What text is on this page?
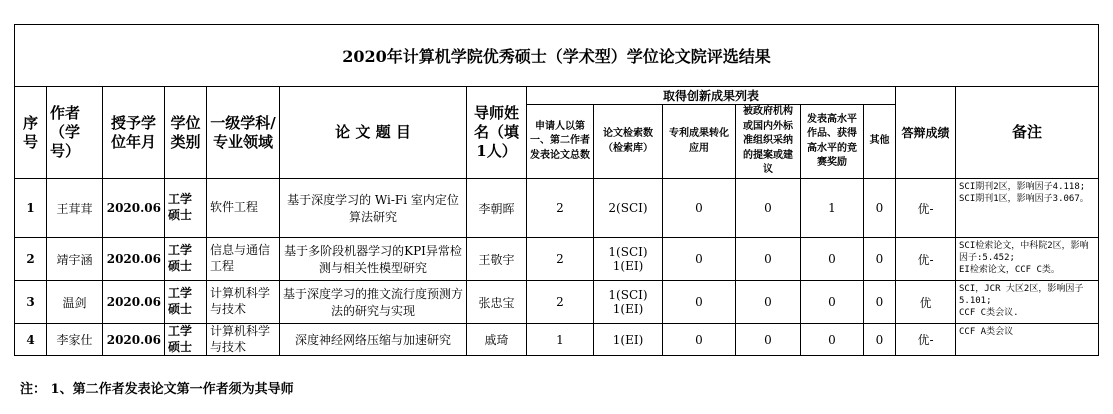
2020年计算机学院优秀硕士（学术型）学位论文院评选结果														
序号	作者（学号）	授予学位年月	学位类别	一级学科/专业领域	论 文 题 目	导师姓名（填1人）	取得创新成果列表						答辩成绩	备注
							申请人以第一、第二作者发表论文总数	论文检索数（检索库）	专利成果转化应用	被政府机构或国内外标准组织采纳的提案或建议	发表高水平作品、获得高水平的竞赛奖励	其他		
1	王茸茸	2020.06	工学硕士	软件工程	基于深度学习的 Wi-Fi 室内定位算法研究	李朝晖	2	2(SCI)	0	0	1	0	优-	SCI期刊2区，影响因子4.118;
SCI期刊1区，影响因子3.067。
2	靖宇涵	2020.06	工学硕士	信息与通信工程	基于多阶段机器学习的KPI异常检测与相关性模型研究	王敬宇	2	1(SCI)
1(EI)	0	0	0	0	优-	SCI检索论文，中科院2区，影响因子:5.452;
EI检索论文，CCF C类。
3	温剑	2020.06	工学硕士	计算机科学与技术	基于深度学习的推文流行度预测方法的研究与实现	张忠宝	2	1(SCI)
1(EI)	0	0	0	0	优	SCI，JCR 大区2区，影响因子5.101;
CCF C类会议.
4	李家仕	2020.06	工学硕士	计算机科学与技术	深度神经网络压缩与加速研究	戚琦	1	1(EI)	0	0	0	0	优-	CCF A类会议
注： 1、第二作者发表论文第一作者须为其导师
